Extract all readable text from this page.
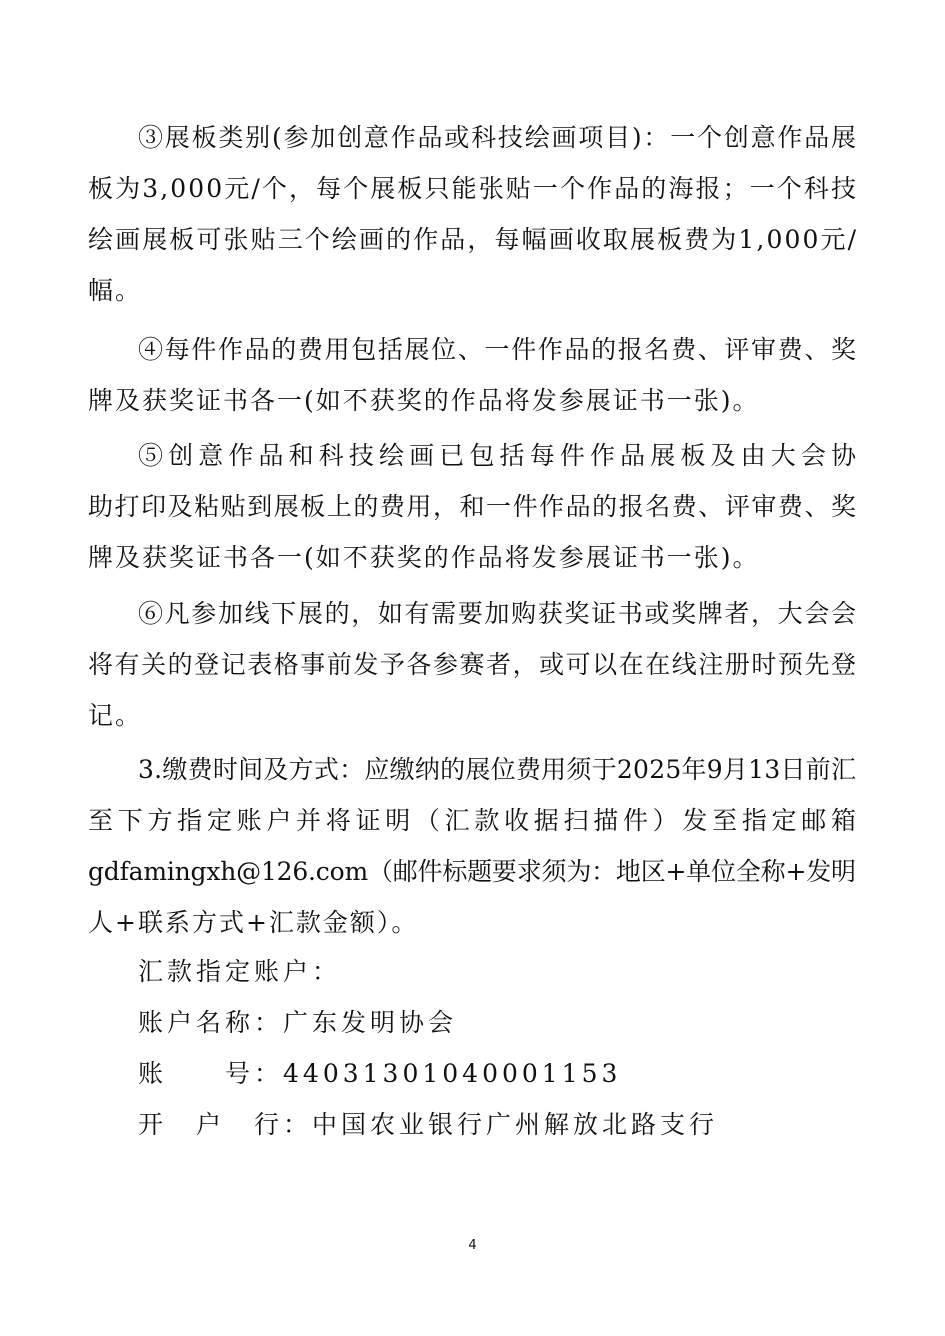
③展板类别(参加创意作品或科技绘画项目)：一个创意作品展
板为3,000元/个，每个展板只能张贴一个作品的海报；一个科技
绘画展板可张贴三个绘画的作品，每幅画收取展板费为1,000元/
幅。
④每件作品的费用包括展位、一件作品的报名费、评审费、奖
牌及获奖证书各一(如不获奖的作品将发参展证书一张)。
⑤创意作品和科技绘画已包括每件作品展板及由大会协
助打印及粘贴到展板上的费用，和一件作品的报名费、评审费、奖
牌及获奖证书各一(如不获奖的作品将发参展证书一张)。
⑥凡参加线下展的，如有需要加购获奖证书或奖牌者，大会会
将有关的登记表格事前发予各参赛者，或可以在在线注册时预先登
记。
3.缴费时间及方式：应缴纳的展位费用须于2025年9月13日前汇
至下方指定账户并将证明（汇款收据扫描件）发至指定邮箱
gdfamingxh@126.com（邮件标题要求须为：地区+单位全称+发明
人+联系方式+汇款金额）。
汇款指定账户：
账户名称：广东发明协会
账　　号：44031301040001153
开　户　行：中国农业银行广州解放北路支行
4
